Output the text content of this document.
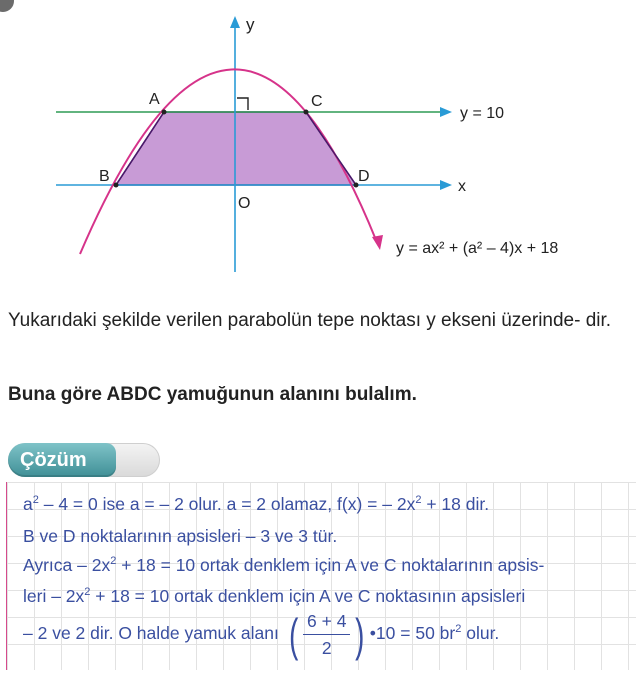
y
A	C
B	D
O
y = 10
x
y = ax² + (a² – 4)x + 18
Yukarıdaki şekilde verilen parabolün tepe noktası y ekseni üzerinde- dir.
Buna göre ABDC yamuğunun alanını bulalım.
Çözüm
$a^2 - 4 = 0$ ise a = – 2 olur. a = 2 olamaz, f(x) = – $2x^2 + 18$ dir.
B ve D noktalarının apsisleri – 3 ve 3 tür.
Ayrıca – $2x^2 + 18 = 10$ ortak denklem için A ve C noktalarının apsis-
leri – $2x^2 + 18 = 10$ ortak denklem için A ve C noktasının apsisleri
– 2 ve 2 dir. O halde yamuk alanı ( $\frac{6 + 4}{2}$ ) •10 = 50 $br^2$ olur.
